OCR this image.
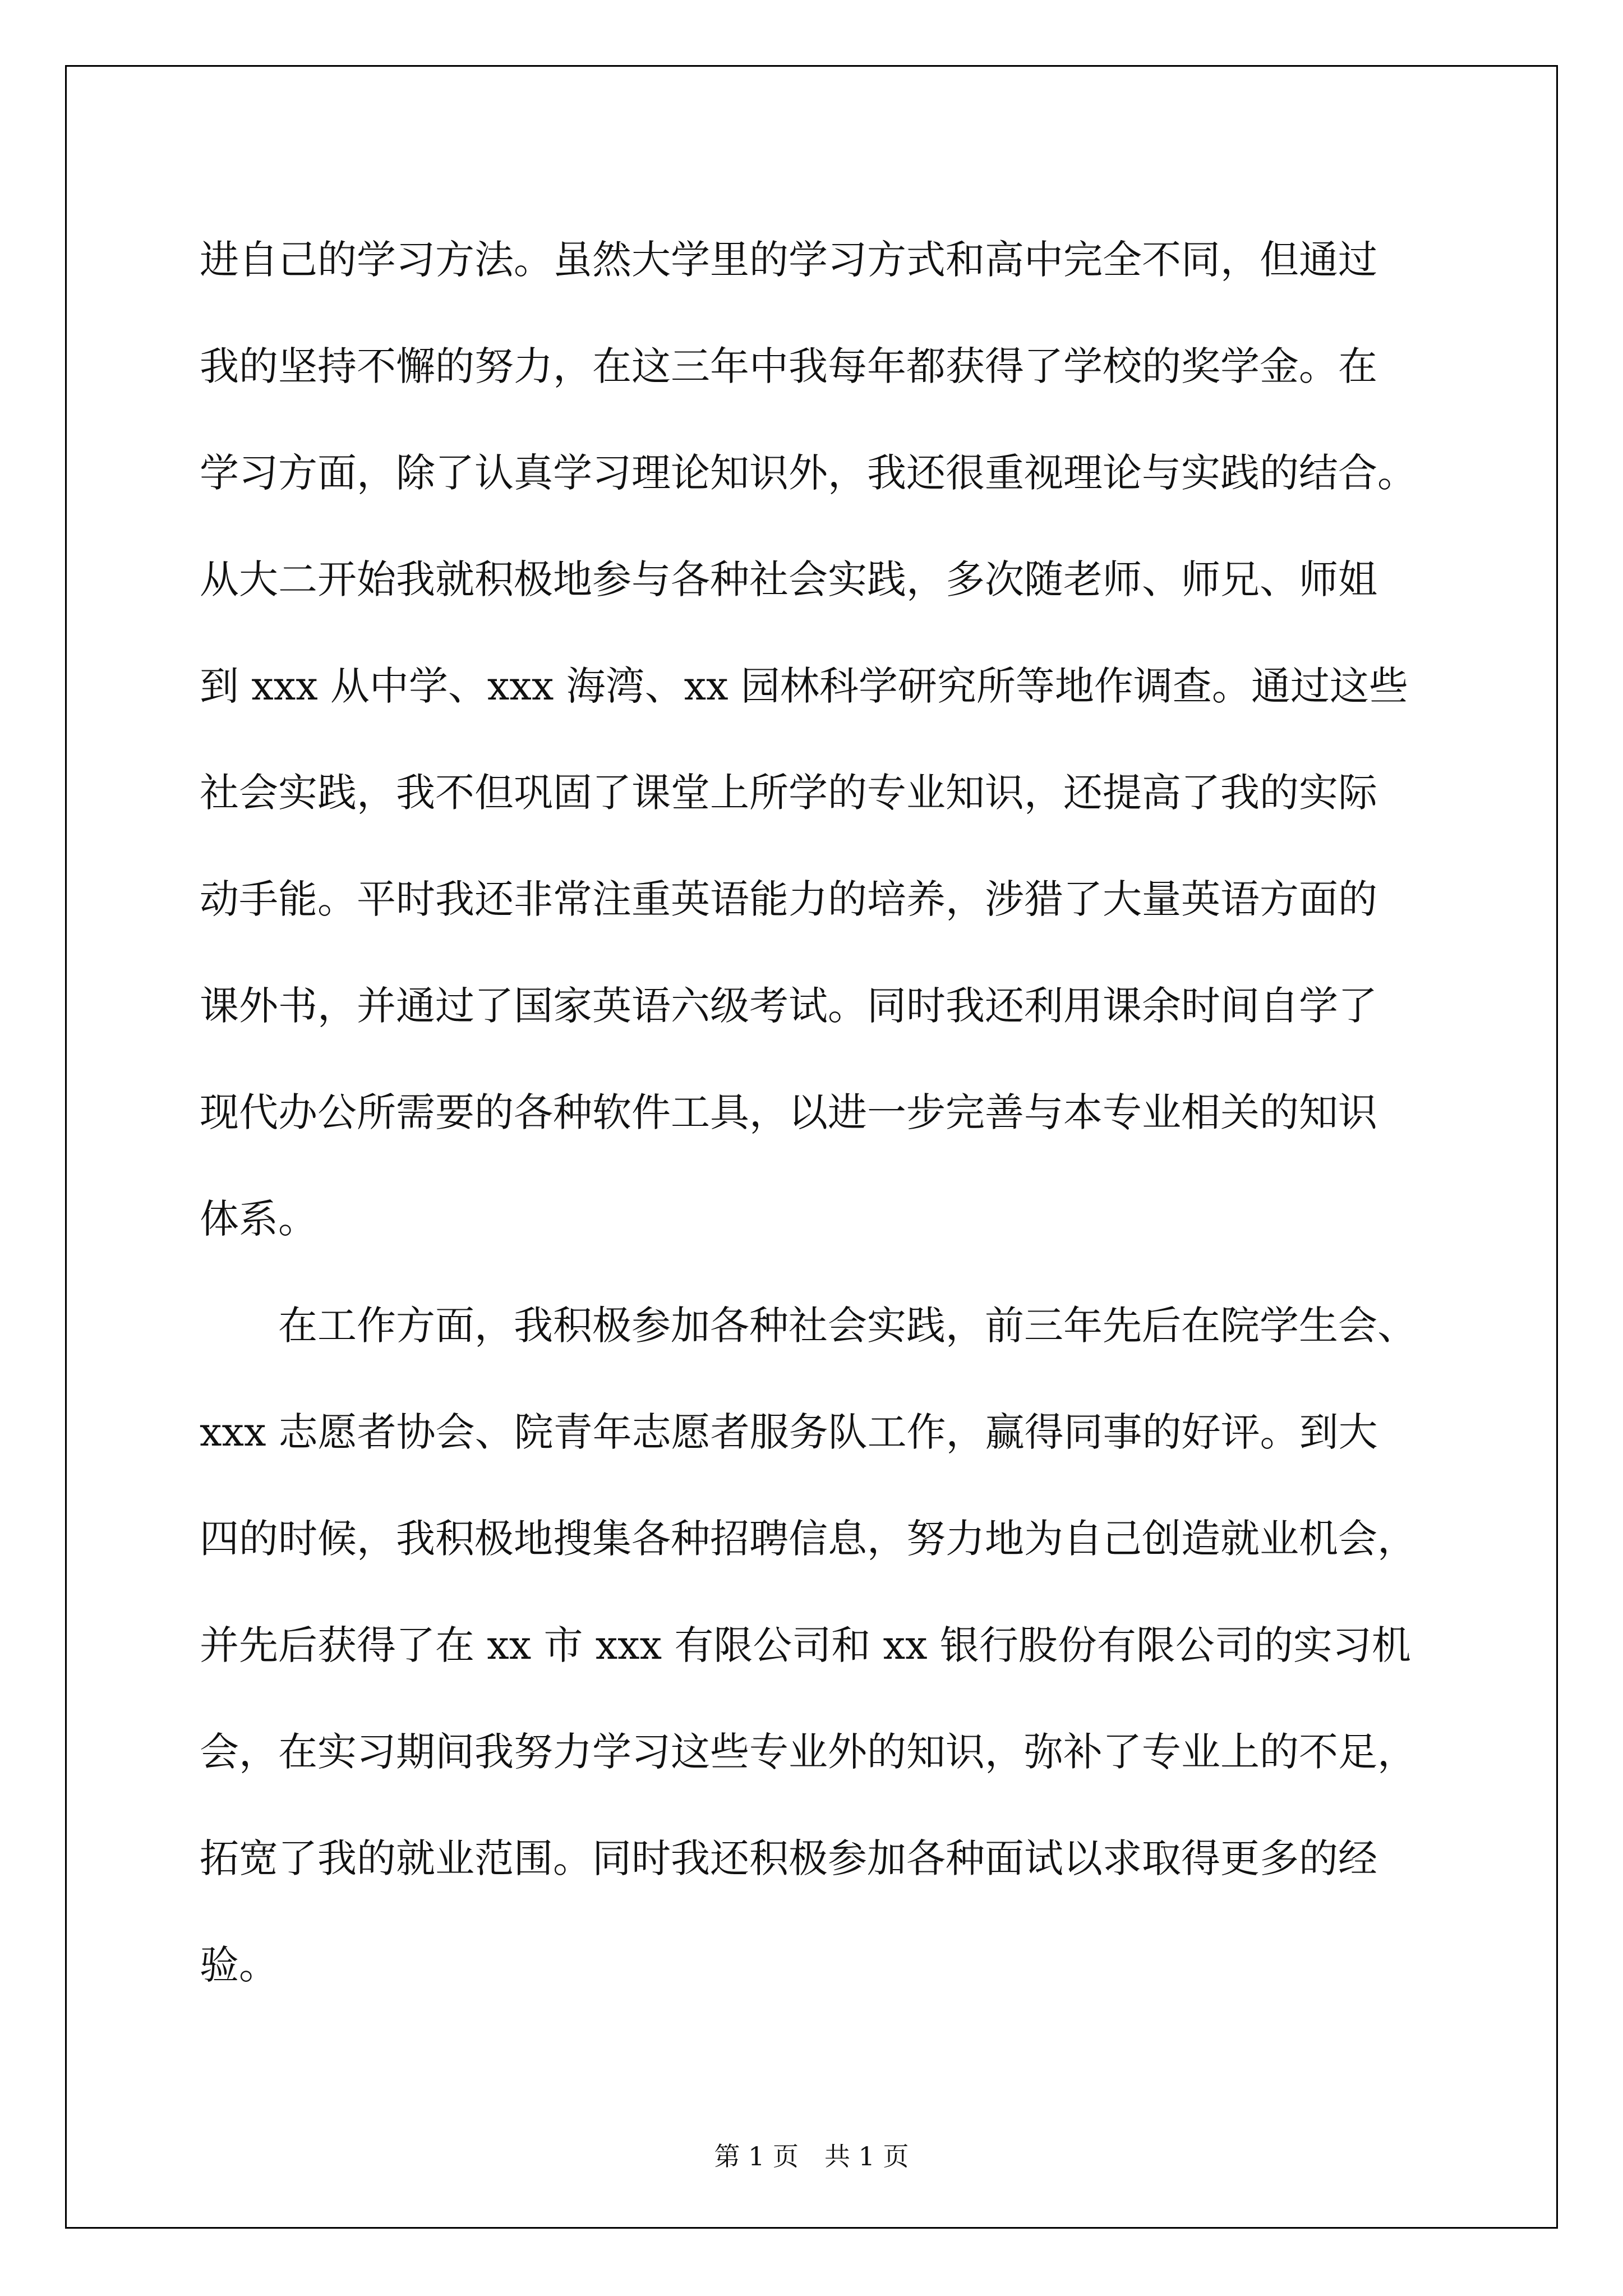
进自己的学习方法。虽然大学里的学习方式和高中完全不同，但通过
我的坚持不懈的努力，在这三年中我每年都获得了学校的奖学金。在
学习方面，除了认真学习理论知识外，我还很重视理论与实践的结合。
从大二开始我就积极地参与各种社会实践，多次随老师、师兄、师姐
到 xxx 从中学、xxx 海湾、xx 园林科学研究所等地作调查。通过这些
社会实践，我不但巩固了课堂上所学的专业知识，还提高了我的实际
动手能。平时我还非常注重英语能力的培养，涉猎了大量英语方面的
课外书，并通过了国家英语六级考试。同时我还利用课余时间自学了
现代办公所需要的各种软件工具，以进一步完善与本专业相关的知识
体系。
在工作方面，我积极参加各种社会实践，前三年先后在院学生会、
xxx 志愿者协会、院青年志愿者服务队工作，赢得同事的好评。到大
四的时候，我积极地搜集各种招聘信息，努力地为自己创造就业机会，
并先后获得了在 xx 市 xxx 有限公司和 xx 银行股份有限公司的实习机
会，在实习期间我努力学习这些专业外的知识，弥补了专业上的不足，
拓宽了我的就业范围。同时我还积极参加各种面试以求取得更多的经
验。
第 1 页　共 1 页
